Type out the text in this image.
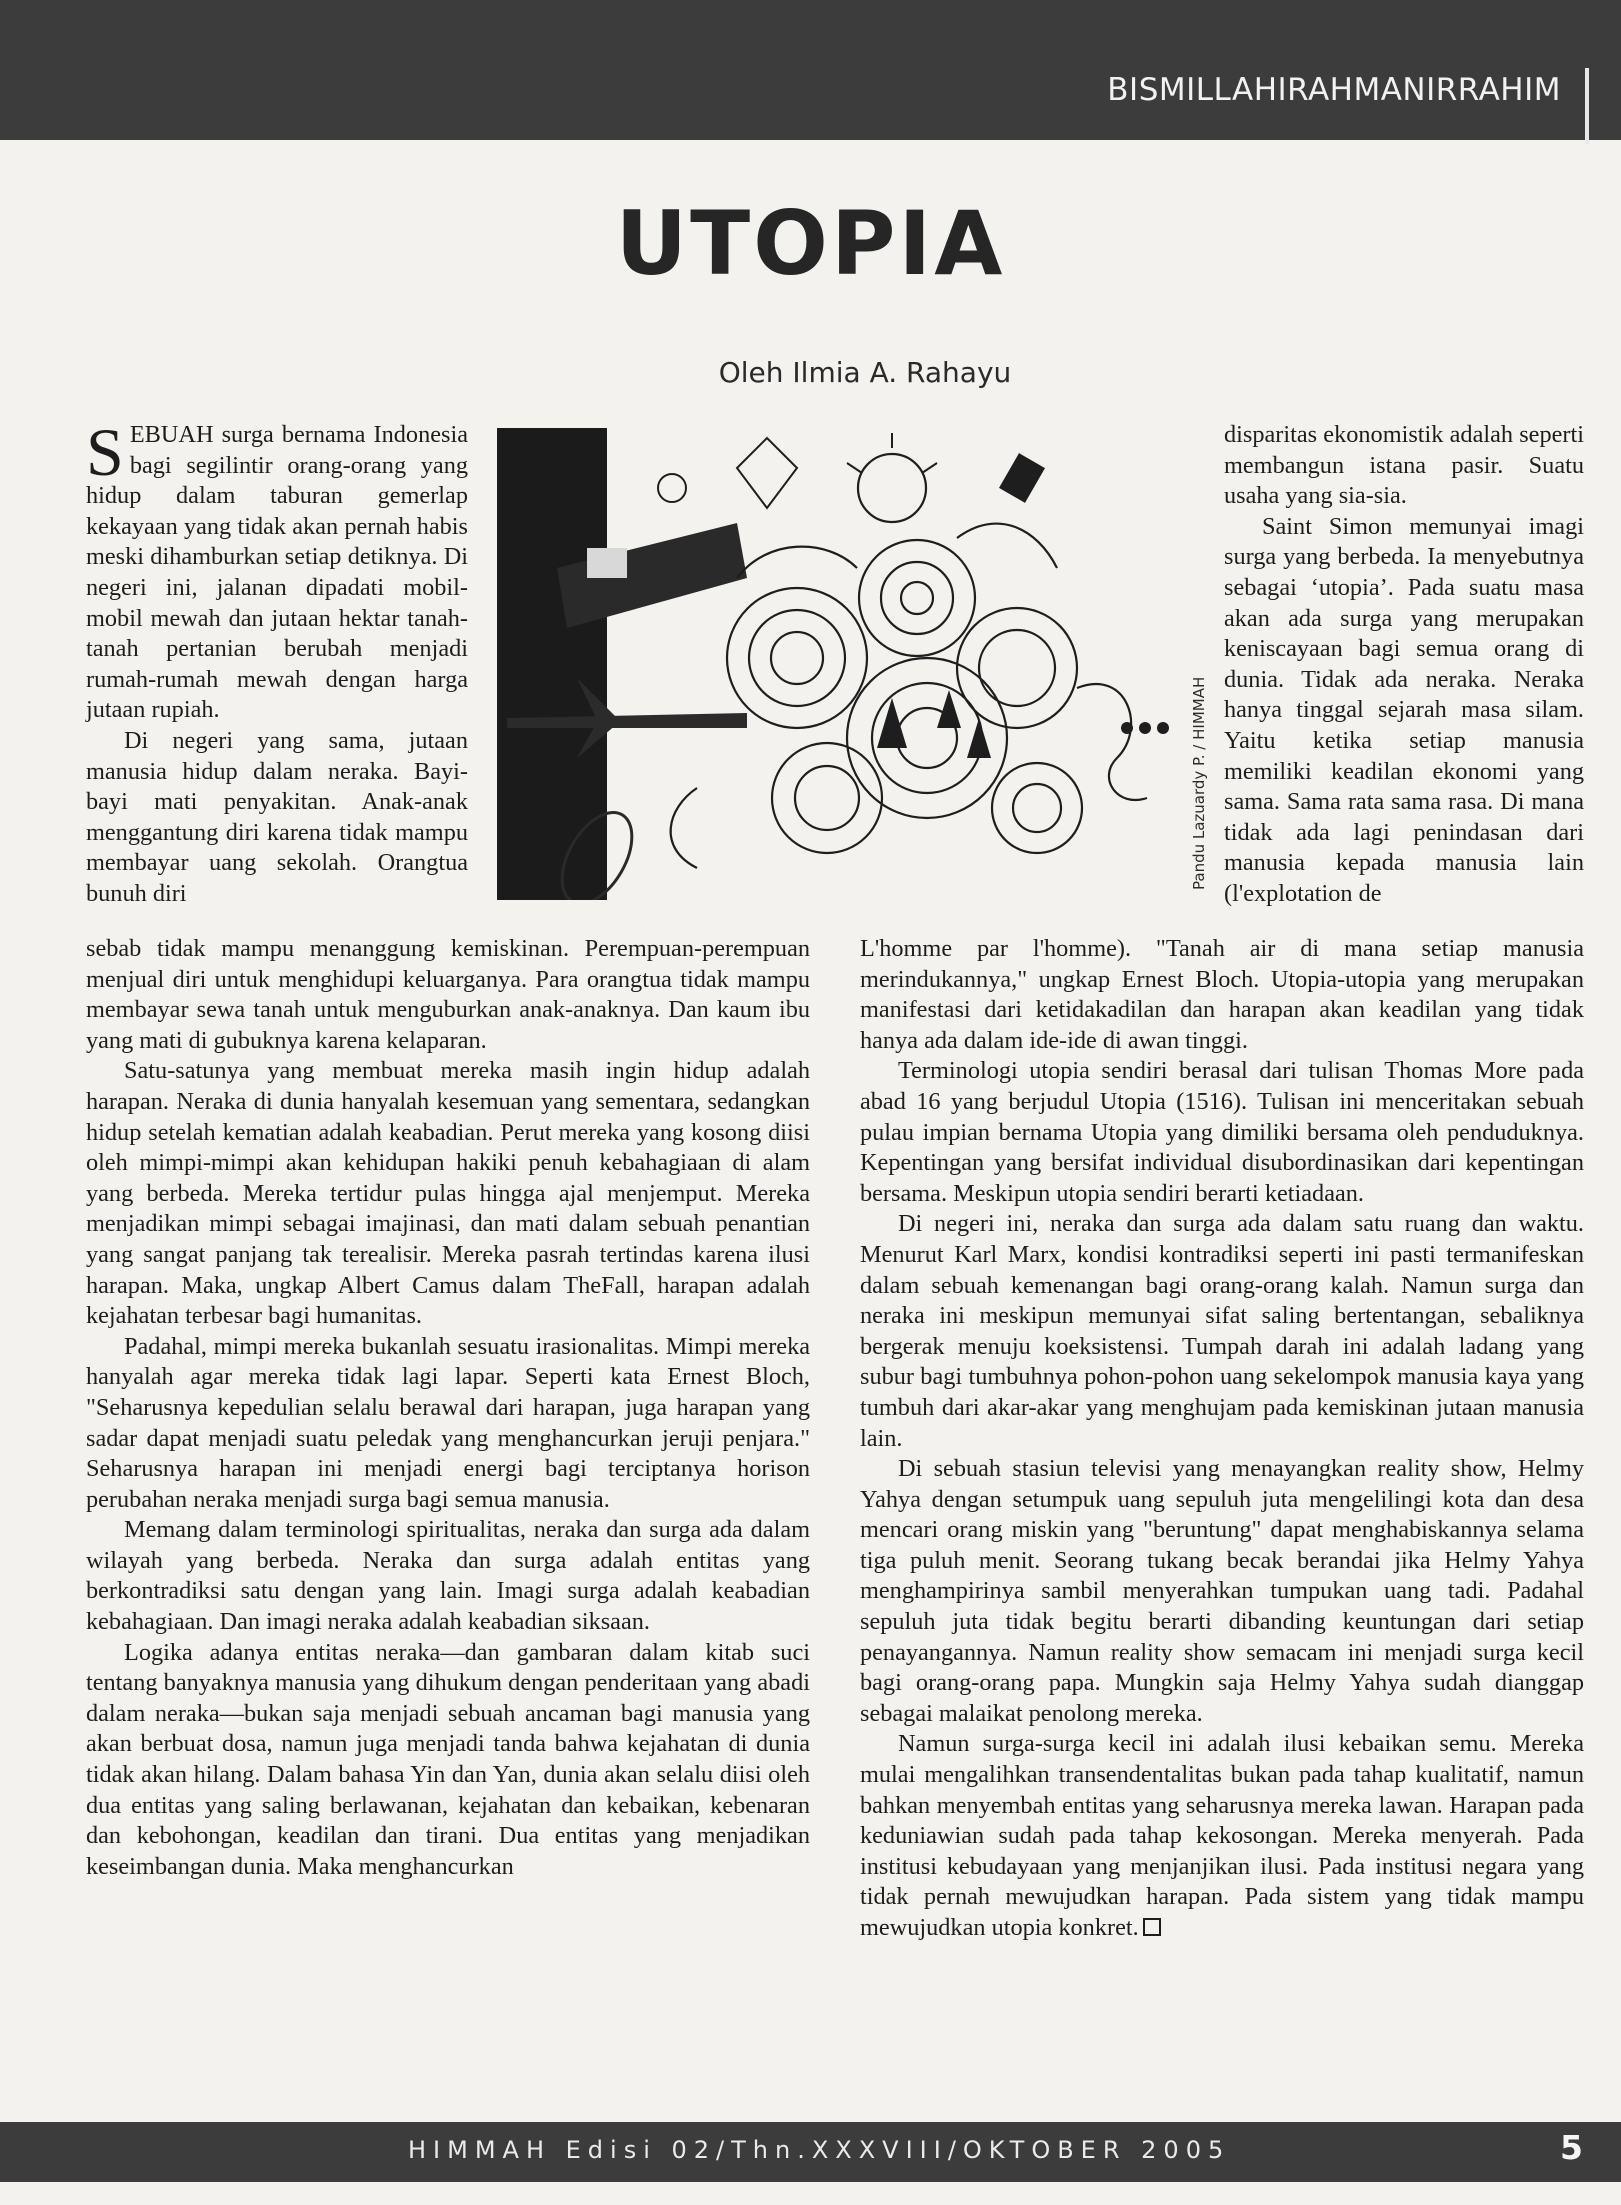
BISMILLAHIRAHMANIRRAHIM
UTOPIA
Oleh Ilmia A. Rahayu

SEBUAH surga bernama Indonesia bagi segilintir orang-orang yang hidup dalam taburan gemerlap kekayaan yang tidak akan pernah habis meski dihamburkan setiap detiknya. Di negeri ini, jalanan dipadati mobil-mobil mewah dan jutaan hektar tanah-tanah pertanian berubah menjadi rumah-rumah mewah dengan harga jutaan rupiah.

Di negeri yang sama, jutaan manusia hidup dalam neraka. Bayi-bayi mati penyakitan. Anak-anak menggantung diri karena tidak mampu membayar uang sekolah. Orangtua bunuh diri

sebab tidak mampu menanggung kemiskinan. Perempuan-perempuan menjual diri untuk menghidupi keluarganya. Para orangtua tidak mampu membayar sewa tanah untuk menguburkan anak-anaknya. Dan kaum ibu yang mati di gubuknya karena kelaparan.

Satu-satunya yang membuat mereka masih ingin hidup adalah harapan. Neraka di dunia hanyalah kesemuan yang sementara, sedangkan hidup setelah kematian adalah keabadian. Perut mereka yang kosong diisi oleh mimpi-mimpi akan kehidupan hakiki penuh kebahagiaan di alam yang berbeda. Mereka tertidur pulas hingga ajal menjemput. Mereka menjadikan mimpi sebagai imajinasi, dan mati dalam sebuah penantian yang sangat panjang tak terealisir. Mereka pasrah tertindas karena ilusi harapan. Maka, ungkap Albert Camus dalam TheFall, harapan adalah kejahatan terbesar bagi humanitas.

Padahal, mimpi mereka bukanlah sesuatu irasionalitas. Mimpi mereka hanyalah agar mereka tidak lagi lapar. Seperti kata Ernest Bloch, "Seharusnya kepedulian selalu berawal dari harapan, juga harapan yang sadar dapat menjadi suatu peledak yang menghancurkan jeruji penjara." Seharusnya harapan ini menjadi energi bagi terciptanya horison perubahan neraka menjadi surga bagi semua manusia.

Memang dalam terminologi spiritualitas, neraka dan surga ada dalam wilayah yang berbeda. Neraka dan surga adalah entitas yang berkontradiksi satu dengan yang lain. Imagi surga adalah keabadian kebahagiaan. Dan imagi neraka adalah keabadian siksaan.

Logika adanya entitas neraka—dan gambaran dalam kitab suci tentang banyaknya manusia yang dihukum dengan penderitaan yang abadi dalam neraka—bukan saja menjadi sebuah ancaman bagi manusia yang akan berbuat dosa, namun juga menjadi tanda bahwa kejahatan di dunia tidak akan hilang. Dalam bahasa Yin dan Yan, dunia akan selalu diisi oleh dua entitas yang saling berlawanan, kejahatan dan kebaikan, kebenaran dan kebohongan, keadilan dan tirani. Dua entitas yang menjadikan keseimbangan dunia. Maka menghancurkan

disparitas ekonomistik adalah seperti membangun istana pasir. Suatu usaha yang sia-sia.

Saint Simon memunyai imagi surga yang berbeda. Ia menyebutnya sebagai ‘utopia’. Pada suatu masa akan ada surga yang merupakan keniscayaan bagi semua orang di dunia. Tidak ada neraka. Neraka hanya tinggal sejarah masa silam. Yaitu ketika setiap manusia memiliki keadilan ekonomi yang sama. Sama rata sama rasa. Di mana tidak ada lagi penindasan dari manusia kepada manusia lain (l'explotation de

L'homme par l'homme). "Tanah air di mana setiap manusia merindukannya," ungkap Ernest Bloch. Utopia-utopia yang merupakan manifestasi dari ketidakadilan dan harapan akan keadilan yang tidak hanya ada dalam ide-ide di awan tinggi.

Terminologi utopia sendiri berasal dari tulisan Thomas More pada abad 16 yang berjudul Utopia (1516). Tulisan ini menceritakan sebuah pulau impian bernama Utopia yang dimiliki bersama oleh penduduknya. Kepentingan yang bersifat individual disubordinasikan dari kepentingan bersama. Meskipun utopia sendiri berarti ketiadaan.

Di negeri ini, neraka dan surga ada dalam satu ruang dan waktu. Menurut Karl Marx, kondisi kontradiksi seperti ini pasti termanifeskan dalam sebuah kemenangan bagi orang-orang kalah. Namun surga dan neraka ini meskipun memunyai sifat saling bertentangan, sebaliknya bergerak menuju koeksistensi. Tumpah darah ini adalah ladang yang subur bagi tumbuhnya pohon-pohon uang sekelompok manusia kaya yang tumbuh dari akar-akar yang menghujam pada kemiskinan jutaan manusia lain.

Di sebuah stasiun televisi yang menayangkan reality show, Helmy Yahya dengan setumpuk uang sepuluh juta mengelilingi kota dan desa mencari orang miskin yang "beruntung" dapat menghabiskannya selama tiga puluh menit. Seorang tukang becak berandai jika Helmy Yahya menghampirinya sambil menyerahkan tumpukan uang tadi. Padahal sepuluh juta tidak begitu berarti dibanding keuntungan dari setiap penayangannya. Namun reality show semacam ini menjadi surga kecil bagi orang-orang papa. Mungkin saja Helmy Yahya sudah dianggap sebagai malaikat penolong mereka.

Namun surga-surga kecil ini adalah ilusi kebaikan semu. Mereka mulai mengalihkan transendentalitas bukan pada tahap kualitatif, namun bahkan menyembah entitas yang seharusnya mereka lawan. Harapan pada keduniawian sudah pada tahap kekosongan. Mereka menyerah. Pada institusi kebudayaan yang menjanjikan ilusi. Pada institusi negara yang tidak pernah mewujudkan harapan. Pada sistem yang tidak mampu mewujudkan utopia konkret.

Pandu Lazuardy P. / HIMMAH
HIMMAH Edisi 02/Thn.XXXVIII/OKTOBER 2005	5
